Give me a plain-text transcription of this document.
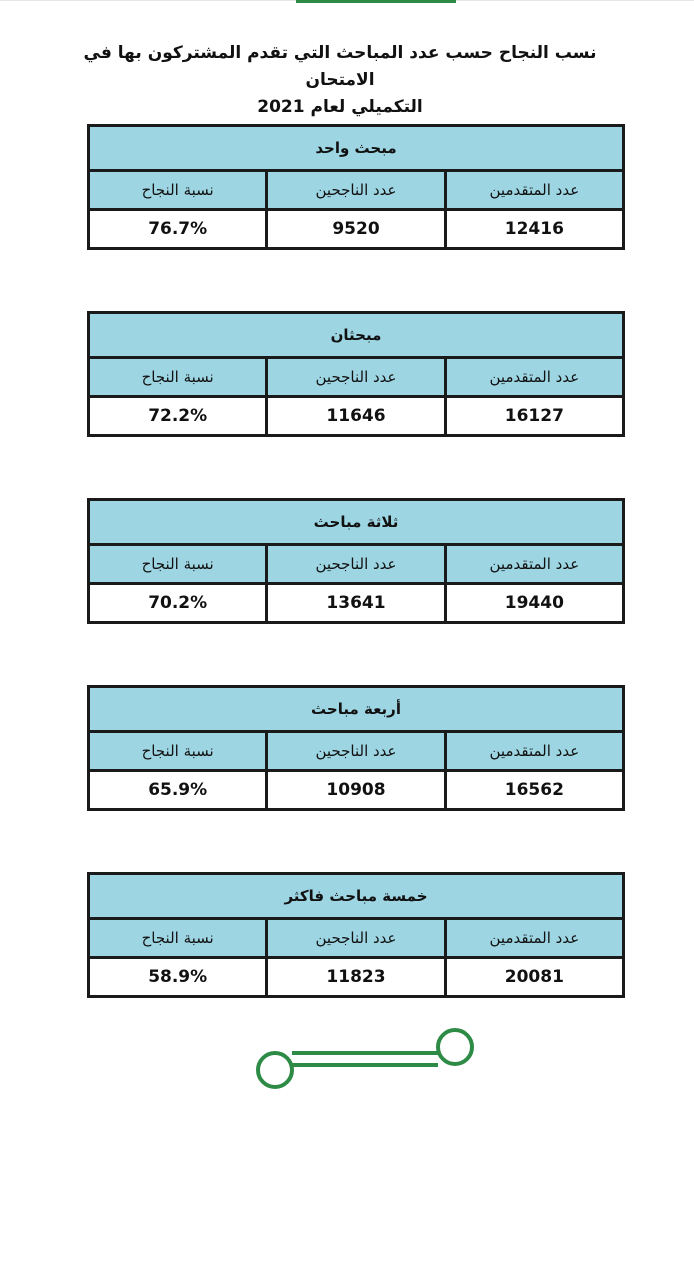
نسب النجاح حسب عدد المباحث التي تقدم المشتركون بها في الامتحان
التكميلي لعام 2021
مبحث واحد
عدد المتقدمين
عدد الناجحين
نسبة النجاح
12416
9520
76.7%
مبحثان
عدد المتقدمين
عدد الناجحين
نسبة النجاح
16127
11646
72.2%
ثلاثة مباحث
عدد المتقدمين
عدد الناجحين
نسبة النجاح
19440
13641
70.2%
أربعة مباحث
عدد المتقدمين
عدد الناجحين
نسبة النجاح
16562
10908
65.9%
خمسة مباحث فاكثر
عدد المتقدمين
عدد الناجحين
نسبة النجاح
20081
11823
58.9%
